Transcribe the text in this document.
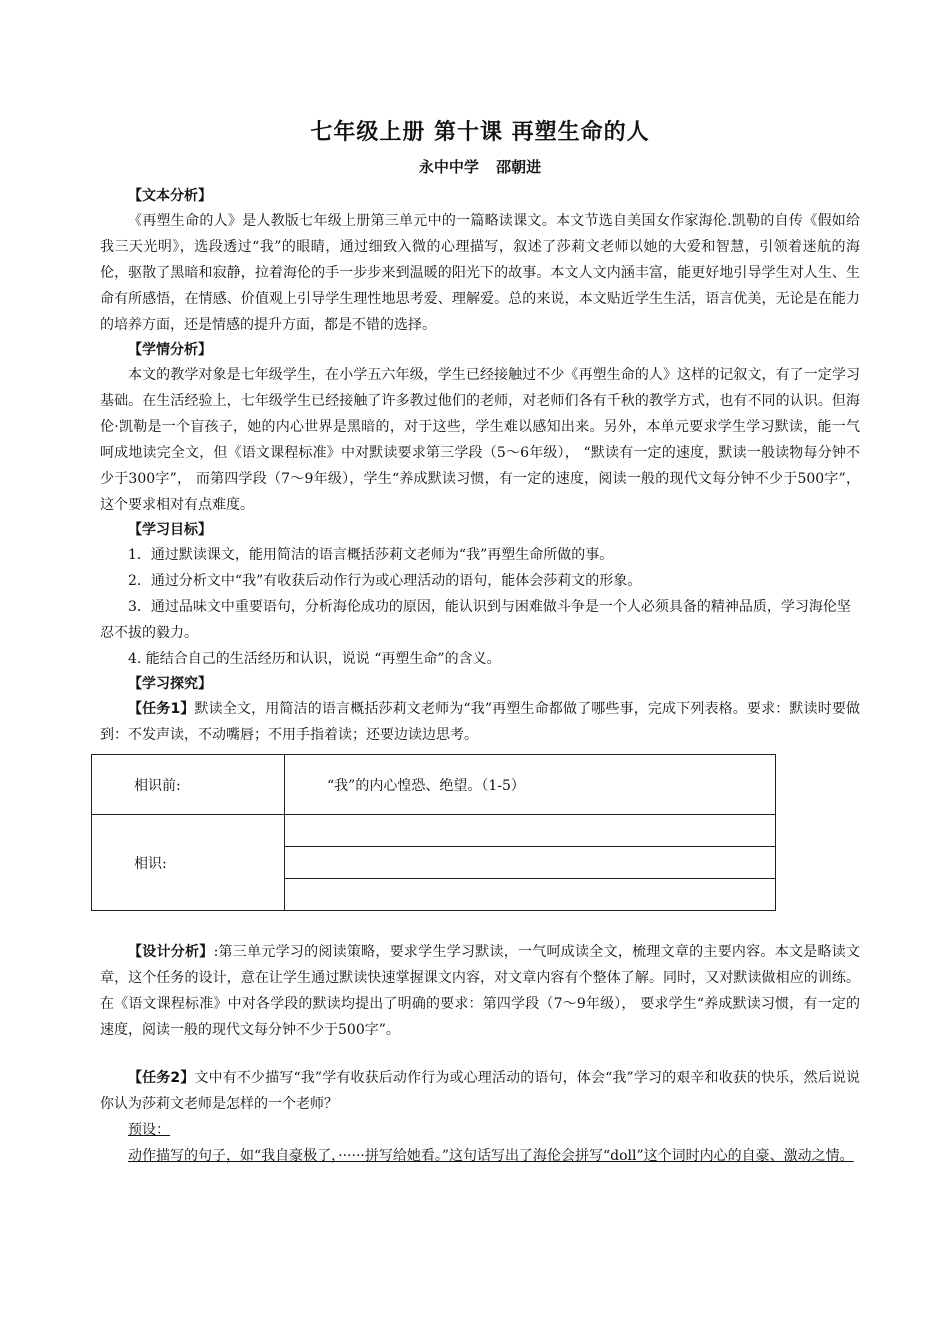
七年级上册 第十课 再塑生命的人
永中中学 邵朝进
【文本分析】

《再塑生命的人》是人教版七年级上册第三单元中的一篇略读课文。本文节选自美国女作家海伦.凯勒的自传《假如给我三天光明》，选段透过“我”的眼睛，通过细致入微的心理描写，叙述了莎莉文老师以她的大爱和智慧，引领着迷航的海伦，驱散了黑暗和寂静，拉着海伦的手一步步来到温暖的阳光下的故事。本文人文内涵丰富，能更好地引导学生对人生、生命有所感悟，在情感、价值观上引导学生理性地思考爱、理解爱。总的来说，本文贴近学生生活，语言优美，无论是在能力的培养方面，还是情感的提升方面，都是不错的选择。

【学情分析】

本文的教学对象是七年级学生，在小学五六年级，学生已经接触过不少《再塑生命的人》这样的记叙文，有了一定学习基础。在生活经验上，七年级学生已经接触了许多教过他们的老师，对老师们各有千秋的教学方式，也有不同的认识。但海伦·凯勒是一个盲孩子，她的内心世界是黑暗的，对于这些，学生难以感知出来。另外，本单元要求学生学习默读，能一气呵成地读完全文，但《语文课程标准》中对默读要求第三学段（5～6年级）， “默读有一定的速度，默读一般读物每分钟不少于300字”， 而第四学段（7～9年级），学生“养成默读习惯，有一定的速度，阅读一般的现代文每分钟不少于500字”，这个要求相对有点难度。

【学习目标】

1．通过默读课文，能用简洁的语言概括莎莉文老师为“我”再塑生命所做的事。

2．通过分析文中“我”有收获后动作行为或心理活动的语句，能体会莎莉文的形象。

3．通过品味文中重要语句，分析海伦成功的原因，能认识到与困难做斗争是一个人必须具备的精神品质，学习海伦坚忍不拔的毅力。

4. 能结合自己的生活经历和认识，说说 “再塑生命”的含义。

【学习探究】

【任务1】默读全文，用简洁的语言概括莎莉文老师为“我”再塑生命都做了哪些事，完成下列表格。要求：默读时要做到：不发声读，不动嘴唇；不用手指着读；还要边读边思考。

相识前:	“我”的内心惶恐、绝望。（1-5）
相识:	

【设计分析】:第三单元学习的阅读策略，要求学生学习默读，一气呵成读全文，梳理文章的主要内容。本文是略读文章，这个任务的设计，意在让学生通过默读快速掌握课文内容，对文章内容有个整体了解。同时，又对默读做相应的训练。在《语文课程标准》中对各学段的默读均提出了明确的要求：第四学段（7～9年级）， 要求学生“养成默读习惯，有一定的速度，阅读一般的现代文每分钟不少于500字”。

【任务2】文中有不少描写“我”学有收获后动作行为或心理活动的语句，体会“我”学习的艰辛和收获的快乐，然后说说你认为莎莉文老师是怎样的一个老师？

预设：

动作描写的句子，如“我自豪极了，······拼写给她看。”这句话写出了海伦会拼写“doll”这个词时内心的自豪、激动之情。
